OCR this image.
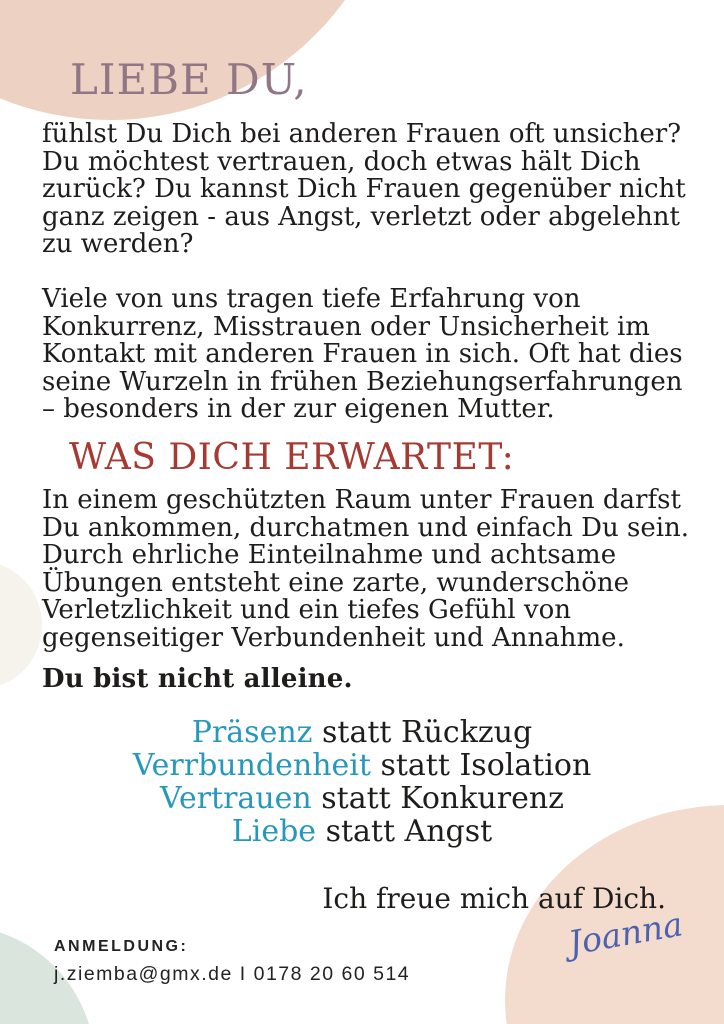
LIEBE DU,
fühlst Du Dich bei anderen Frauen oft unsicher?
Du möchtest vertrauen, doch etwas hält Dich
zurück? Du kannst Dich Frauen gegenüber nicht
ganz zeigen - aus Angst, verletzt oder abgelehnt
zu werden?
Viele von uns tragen tiefe Erfahrung von
Konkurrenz, Misstrauen oder Unsicherheit im
Kontakt mit anderen Frauen in sich. Oft hat dies
seine Wurzeln in frühen Beziehungserfahrungen
– besonders in der zur eigenen Mutter.
WAS DICH ERWARTET:
In einem geschützten Raum unter Frauen darfst
Du ankommen, durchatmen und einfach Du sein.
Durch ehrliche Einteilnahme und achtsame
Übungen entsteht eine zarte, wunderschöne
Verletzlichkeit und ein tiefes Gefühl von
gegenseitiger Verbundenheit und Annahme.
Du bist nicht alleine.
Präsenz statt Rückzug
Verrbundenheit statt Isolation
Vertrauen statt Konkurenz
Liebe statt Angst
Ich freue mich auf Dich.
Joanna
ANMELDUNG:
j.ziemba@gmx.de I 0178 20 60 514
